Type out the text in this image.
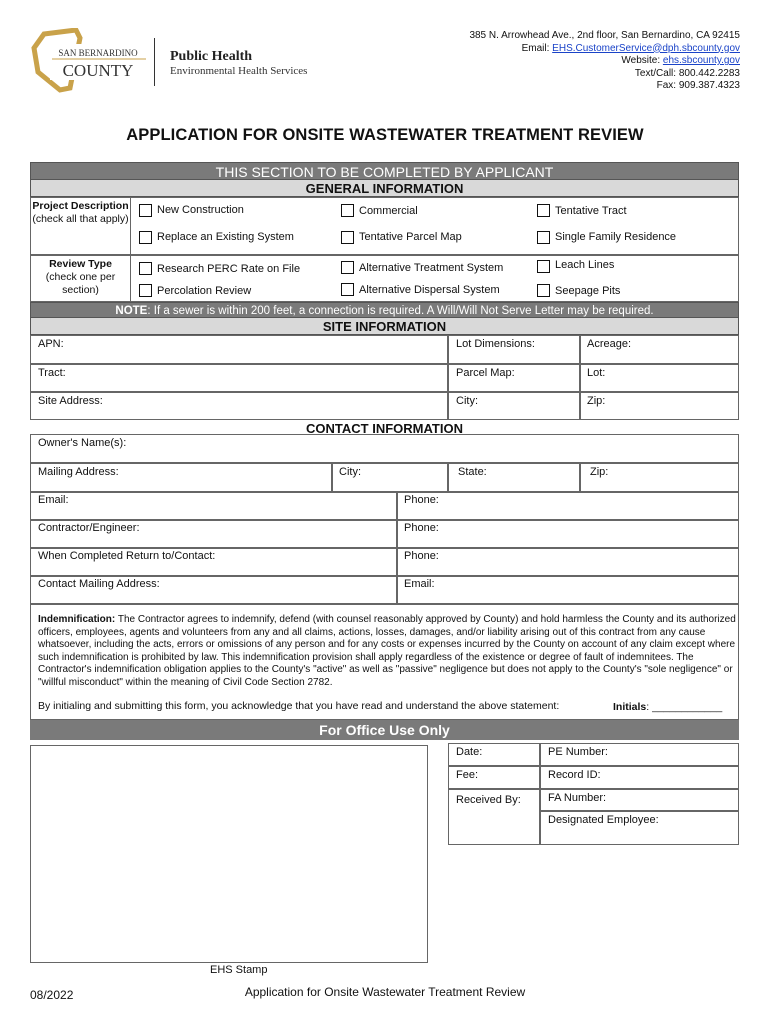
SAN BERNARDINO
COUNTY
Public Health
Environmental Health Services
385 N. Arrowhead Ave., 2nd floor, San Bernardino, CA 92415
Email: EHS.CustomerService@dph.sbcounty.gov
Website: ehs.sbcounty.gov
Text/Call: 800.442.2283
Fax: 909.387.4323
APPLICATION FOR ONSITE WASTEWATER TREATMENT REVIEW
THIS SECTION TO BE COMPLETED BY APPLICANT
GENERAL INFORMATION
Project Description
(check all that apply)
New Construction	Commercial	Tentative Tract
Replace an Existing System	Tentative Parcel Map	Single Family Residence
Review Type
(check one per section)
Research PERC Rate on File	Alternative Treatment System	Leach Lines
Percolation Review	Alternative Dispersal System	Seepage Pits
NOTE: If a sewer is within 200 feet, a connection is required. A Will/Will Not Serve Letter may be required.
SITE INFORMATION
APN:	Lot Dimensions:	Acreage:
Tract:	Parcel Map:	Lot:
Site Address:	City:	Zip:
CONTACT INFORMATION
Owner's Name(s):
Mailing Address:	City:	State:	Zip:
Email:	Phone:
Contractor/Engineer:	Phone:
When Completed Return to/Contact:	Phone:
Contact Mailing Address:	Email:
Indemnification: The Contractor agrees to indemnify, defend (with counsel reasonably approved by County) and hold harmless the County and its authorized officers, employees, agents and volunteers from any and all claims, actions, losses, damages, and/or liability arising out of this contract from any cause whatsoever, including the acts, errors or omissions of any person and for any costs or expenses incurred by the County on account of any claim except where such indemnification is prohibited by law. This indemnification provision shall apply regardless of the existence or degree of fault of indemnitees. The Contractor's indemnification obligation applies to the County's "active" as well as "passive" negligence but does not apply to the County's "sole negligence" or "willful misconduct" within the meaning of Civil Code Section 2782.
By initialing and submitting this form, you acknowledge that you have read and understand the above statement:	Initials: ____________
For Office Use Only
EHS Stamp
Date:	PE Number:
Fee:	Record ID:
Received By: FA Number:
Designated Employee:
08/2022	Application for Onsite Wastewater Treatment Review
